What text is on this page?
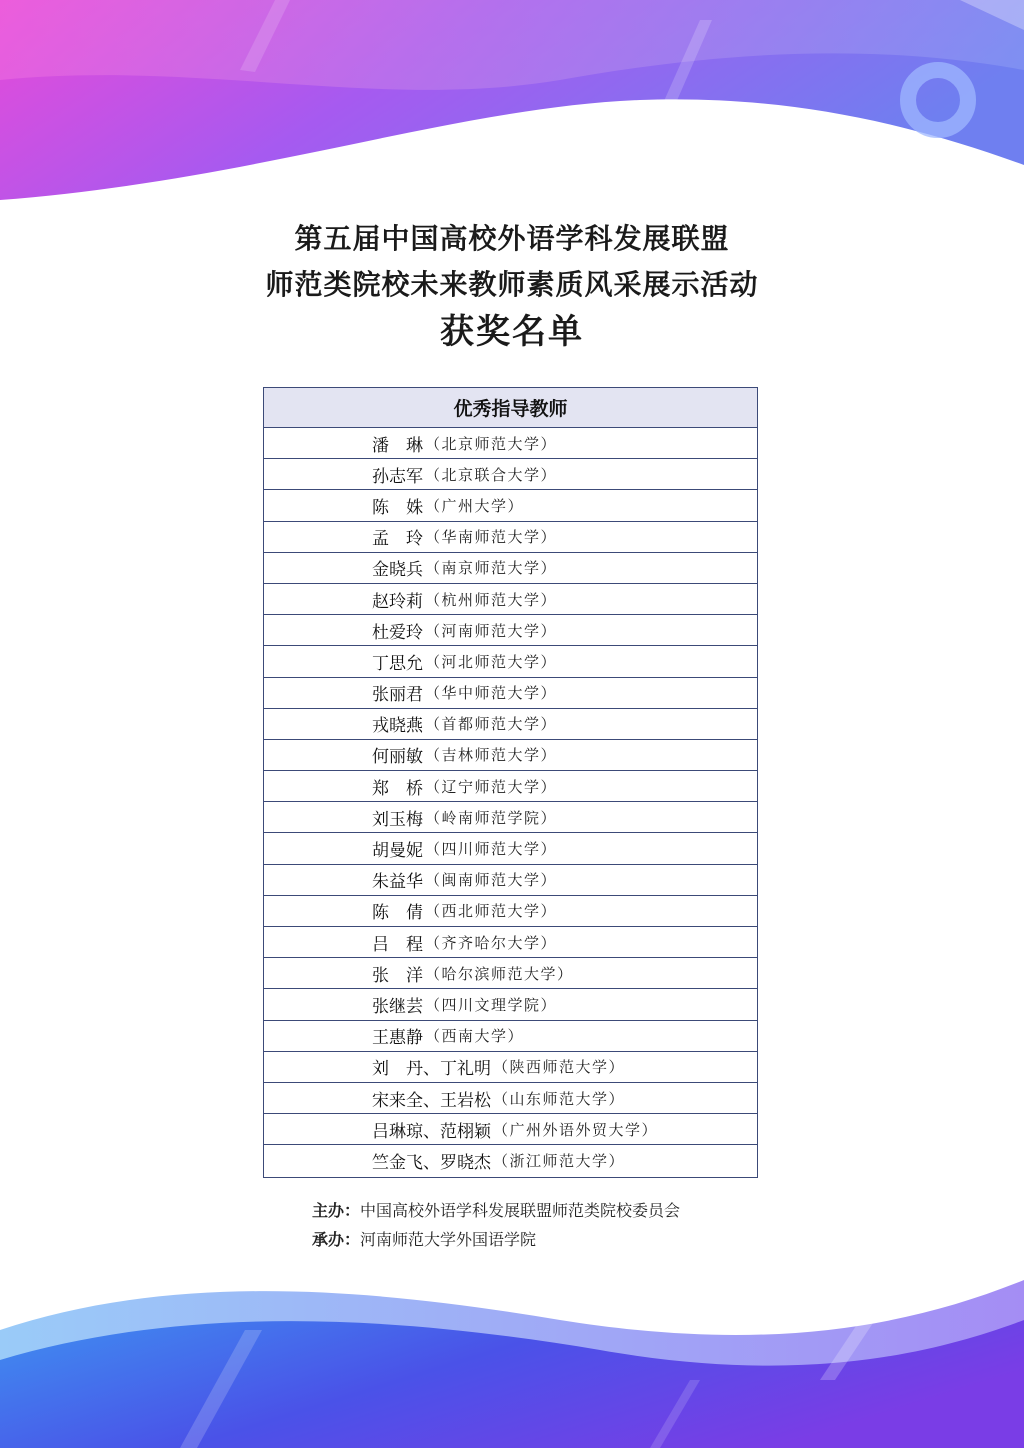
第五届中国高校外语学科发展联盟
师范类院校未来教师素质风采展示活动
获奖名单
优秀指导教师
潘　琳 （北京师范大学）
孙志军 （北京联合大学）
陈　姝 （广州大学）
孟　玲 （华南师范大学）
金晓兵 （南京师范大学）
赵玲莉 （杭州师范大学）
杜爱玲 （河南师范大学）
丁思允 （河北师范大学）
张丽君 （华中师范大学）
戎晓燕 （首都师范大学）
何丽敏 （吉林师范大学）
郑　桥 （辽宁师范大学）
刘玉梅 （岭南师范学院）
胡曼妮 （四川师范大学）
朱益华 （闽南师范大学）
陈　倩 （西北师范大学）
吕　程 （齐齐哈尔大学）
张　洋 （哈尔滨师范大学）
张继芸 （四川文理学院）
王惠静 （西南大学）
刘　丹、丁礼明 （陕西师范大学）
宋来全、王岩松 （山东师范大学）
吕琳琼、范栩颖 （广州外语外贸大学）
竺金飞、罗晓杰 （浙江师范大学）
主办：中国高校外语学科发展联盟师范类院校委员会
承办：河南师范大学外国语学院
